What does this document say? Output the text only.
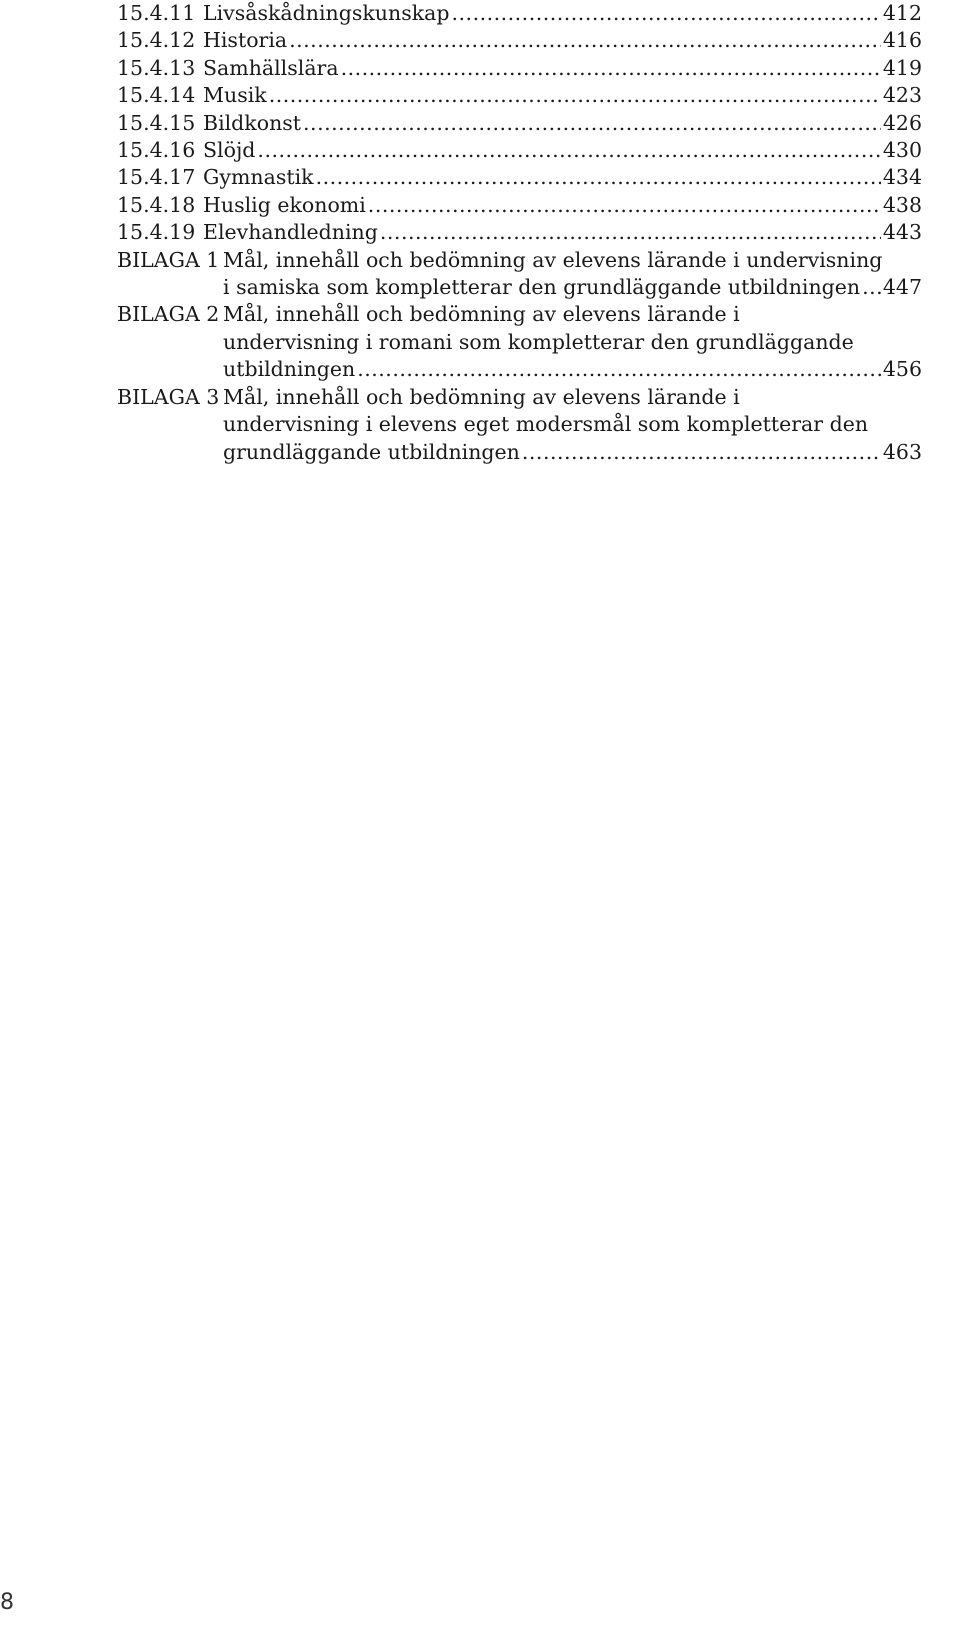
15.4.11 Livsåskådningskunskap .....	412
15.4.12 Historia .....	416
15.4.13 Samhällslära .....	419
15.4.14 Musik .....	423
15.4.15 Bildkonst .....	426
15.4.16 Slöjd .....	430
15.4.17 Gymnastik .....	434
15.4.18 Huslig ekonomi .....	438
15.4.19 Elevhandledning .....	443
BILAGA 1 Mål, innehåll och bedömning av elevens lärande i undervisning
i samiska som kompletterar den grundläggande utbildningen ..... 447
BILAGA 2 Mål, innehåll och bedömning av elevens lärande i
undervisning i romani som kompletterar den grundläggande
utbildningen .....	456
BILAGA 3 Mål, innehåll och bedömning av elevens lärande i
undervisning i elevens eget modersmål som kompletterar den
grundläggande utbildningen .....	463
8
